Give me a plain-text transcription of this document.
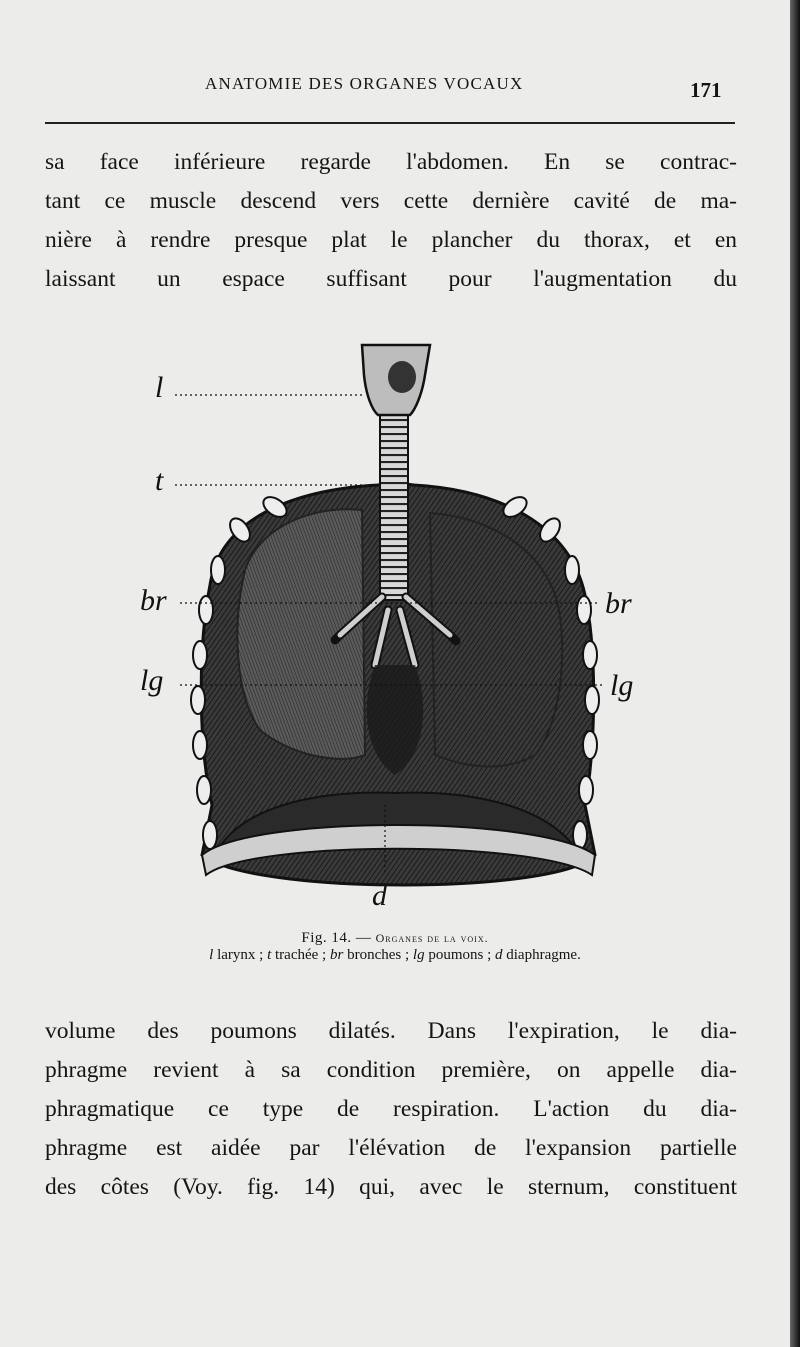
ANATOMIE DES ORGANES VOCAUX	171
sa face inférieure regarde l'abdomen. En se contrac-
tant ce muscle descend vers cette dernière cavité de ma-
nière à rendre presque plat le plancher du thorax, et en
laissant un espace suffisant pour l'augmentation du
l
t
br	br
lg	lg
d
Fig. 14. — Organes de la voix.
l larynx ; t trachée ; br bronches ; lg poumons ; d diaphragme.
volume des poumons dilatés. Dans l'expiration, le dia-
phragme revient à sa condition première, on appelle dia-
phragmatique ce type de respiration. L'action du dia-
phragme est aidée par l'élévation de l'expansion partielle
des côtes (Voy. fig. 14) qui, avec le sternum, constituent
